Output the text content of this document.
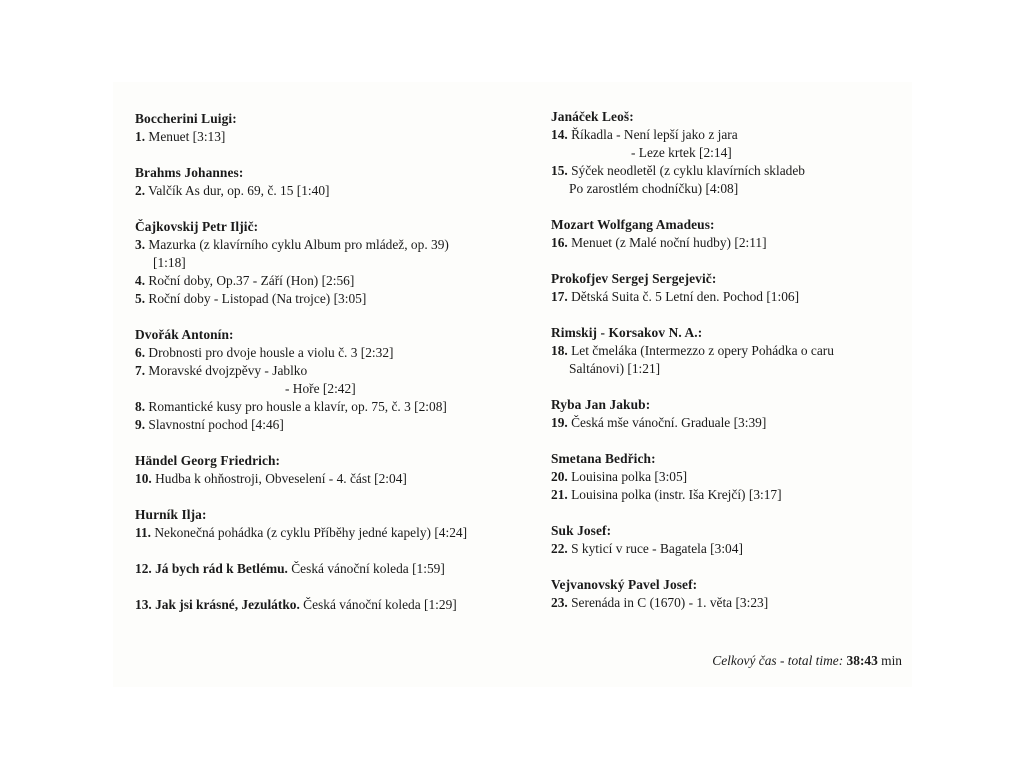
Boccherini Luigi:
1. Menuet [3:13]
Brahms Johannes:
2. Valčík As dur, op. 69, č. 15 [1:40]
Čajkovskij Petr Iljič:
3. Mazurka (z klavírního cyklu Album pro mládež, op. 39)
[1:18]
4. Roční doby, Op.37 - Září (Hon) [2:56]
5. Roční doby - Listopad (Na trojce) [3:05]
Dvořák Antonín:
6. Drobnosti pro dvoje housle a violu č. 3 [2:32]
7. Moravské dvojzpěvy - Jablko
- Hoře [2:42]
8. Romantické kusy pro housle a klavír, op. 75, č. 3 [2:08]
9. Slavnostní pochod [4:46]
Händel Georg Friedrich:
10. Hudba k ohňostroji, Obveselení - 4. část [2:04]
Hurník Ilja:
11. Nekonečná pohádka (z cyklu Příběhy jedné kapely) [4:24]
12. Já bych rád k Betlému. Česká vánoční koleda [1:59]
13. Jak jsi krásné, Jezulátko. Česká vánoční koleda [1:29]
Janáček Leoš:
14. Říkadla - Není lepší jako z jara
- Leze krtek [2:14]
15. Sýček neodletěl (z cyklu klavírních skladeb
Po zarostlém chodníčku) [4:08]
Mozart Wolfgang Amadeus:
16. Menuet (z Malé noční hudby) [2:11]
Prokofjev Sergej Sergejevič:
17. Dětská Suita č. 5 Letní den. Pochod [1:06]
Rimskij - Korsakov N. A.:
18. Let čmeláka (Intermezzo z opery Pohádka o caru
Saltánovi) [1:21]
Ryba Jan Jakub:
19. Česká mše vánoční. Graduale [3:39]
Smetana Bedřich:
20. Louisina polka [3:05]
21. Louisina polka (instr. Iša Krejčí) [3:17]
Suk Josef:
22. S kyticí v ruce - Bagatela [3:04]
Vejvanovský Pavel Josef:
23. Serenáda in C (1670) - 1. věta [3:23]
Celkový čas - total time: 38:43 min
